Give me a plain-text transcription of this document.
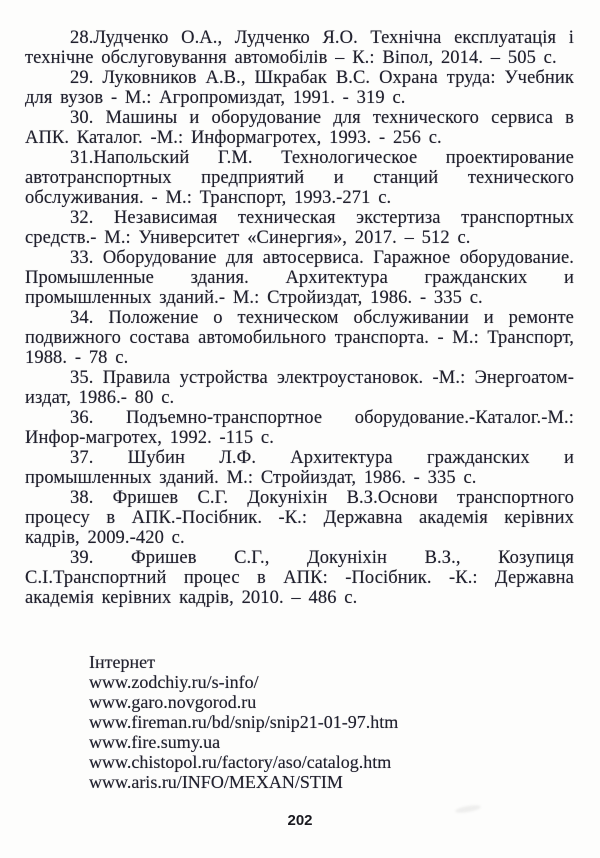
28.Лудченко О.А., Лудченко Я.О. Технічна експлуатація і технічне обслуговування автомобілів – К.: Віпол, 2014. – 505 с.

29. Луковников А.В., Шкрабак В.С. Охрана труда: Учебник для вузов - М.: Агропромиздат, 1991. - 319 с.

30. Машины и оборудование для технического сервиса в АПК. Каталог. -М.: Информагротех, 1993. - 256 с.

31.Напольский Г.М. Технологическое проектирование автотранспортных предприятий и станций технического обслуживания. - М.: Транспорт, 1993.-271 с.

32. Независимая техническая экстертиза транспортных средств.- М.: Университет «Синергия», 2017. – 512 с.

33. Оборудование для автосервиса. Гаражное оборудование. Промышленные здания. Архитектура гражданских и промышленных зданий.- М.: Стройиздат, 1986. - 335 с.

34. Положение о техническом обслуживании и ремонте подвижного состава автомобильного транспорта. - М.: Транспорт, 1988. - 78 с.

35. Правила устройства электроустановок. -М.: Энергоатом-издат, 1986.- 80 с.

36. Подъемно-транспортное оборудование.-Каталог.-М.: Инфор-магротех, 1992. -115 с.

37. Шубин Л.Ф. Архитектура гражданских и промышленных зданий. М.: Стройиздат, 1986. - 335 с.

38. Фришев С.Г. Докуніхін В.З.Основи транспортного процесу в АПК.-Посібник. -К.: Державна академія керівних кадрів, 2009.-420 с.

39. Фришев С.Г., Докуніхін В.З., Козупиця С.І.Транспортний процес в АПК: -Посібник. -К.: Державна академія керівних кадрів, 2010. – 486 с.

Інтернет
www.zodchiy.ru/s-info/
www.garo.novgorod.ru
www.fireman.ru/bd/snip/snip21-01-97.htm
www.fire.sumy.ua
www.chistopol.ru/factory/aso/catalog.htm
www.aris.ru/INFO/MEXAN/STIM
202
